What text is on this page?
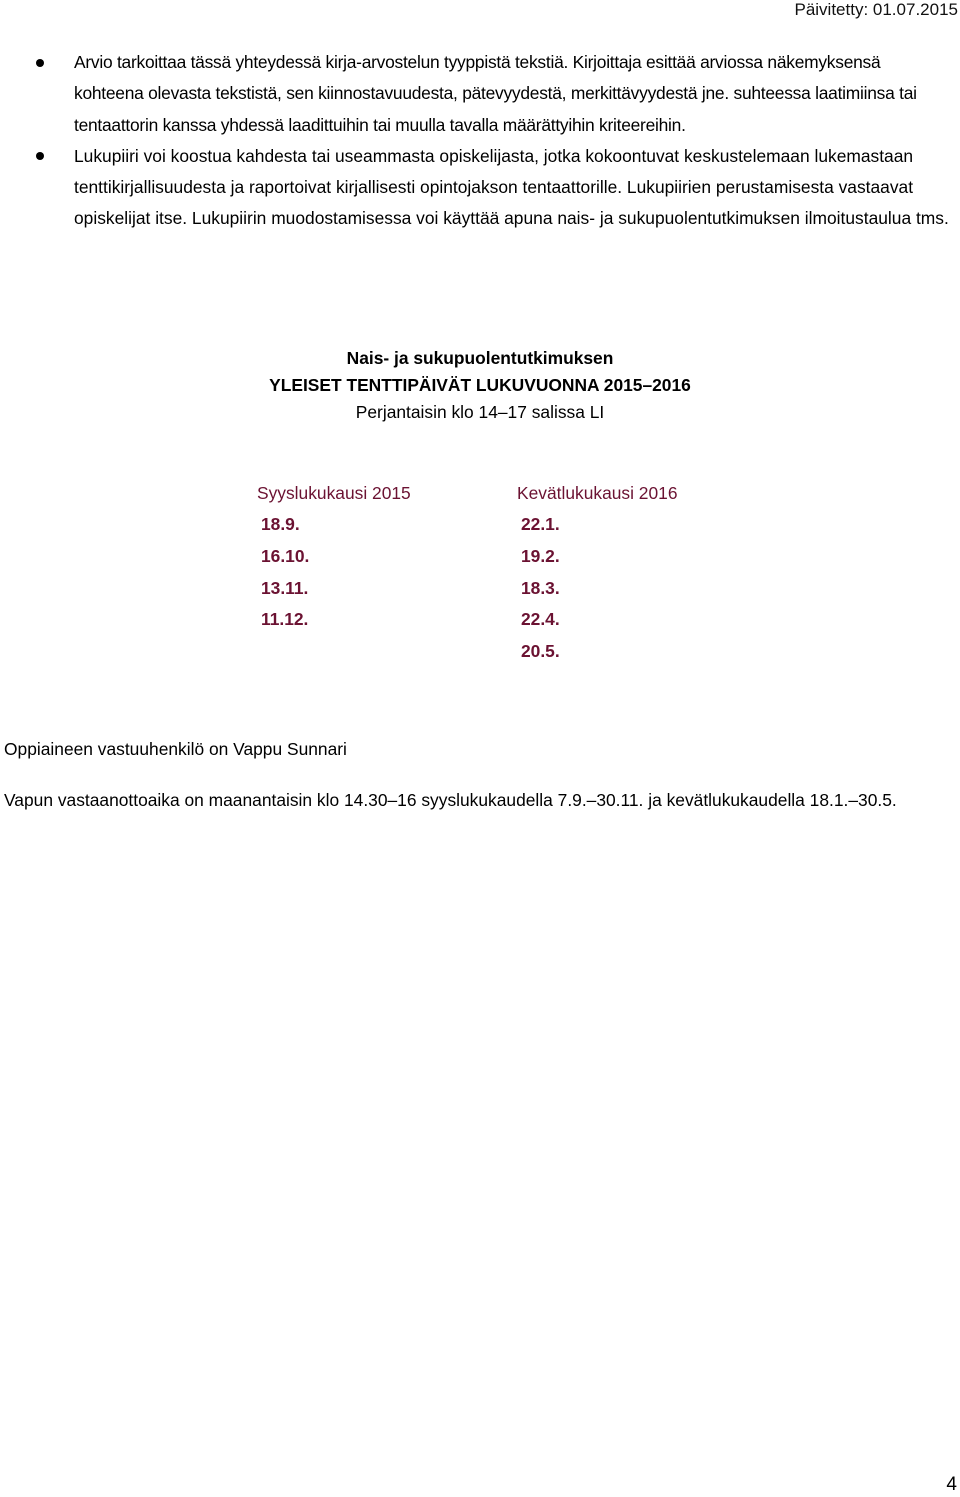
Päivitetty: 01.07.2015
Arvio tarkoittaa tässä yhteydessä kirja-arvostelun tyyppistä tekstiä. Kirjoittaja esittää arviossa näkemyksensä kohteena olevasta tekstistä, sen kiinnostavuudesta, pätevyydestä, merkittävyydestä jne. suhteessa laatimiinsa tai tentaattorin kanssa yhdessä laadittuihin tai muulla tavalla määrättyihin kriteereihin.
Lukupiiri voi koostua kahdesta tai useammasta opiskelijasta, jotka kokoontuvat keskustelemaan lukemastaan tenttikirjallisuudesta ja raportoivat kirjallisesti opintojakson tentaattorille. Lukupiirien perustamisesta vastaavat opiskelijat itse. Lukupiirin muodostamisessa voi käyttää apuna nais- ja sukupuolentutkimuksen ilmoitustaulua tms.
Nais- ja sukupuolentutkimuksen
YLEISET TENTTIPÄIVÄT LUKUVUONNA 2015–2016
Perjantaisin klo 14–17 salissa LI
Syyslukukausi 2015
18.9.
16.10.
13.11.
11.12.
Kevätlukukausi 2016
22.1.
19.2.
18.3.
22.4.
20.5.
Oppiaineen vastuuhenkilö on Vappu Sunnari
Vapun vastaanottoaika on maanantaisin klo 14.30–16 syyslukukaudella 7.9.–30.11. ja kevätlukukaudella 18.1.–30.5.
4
